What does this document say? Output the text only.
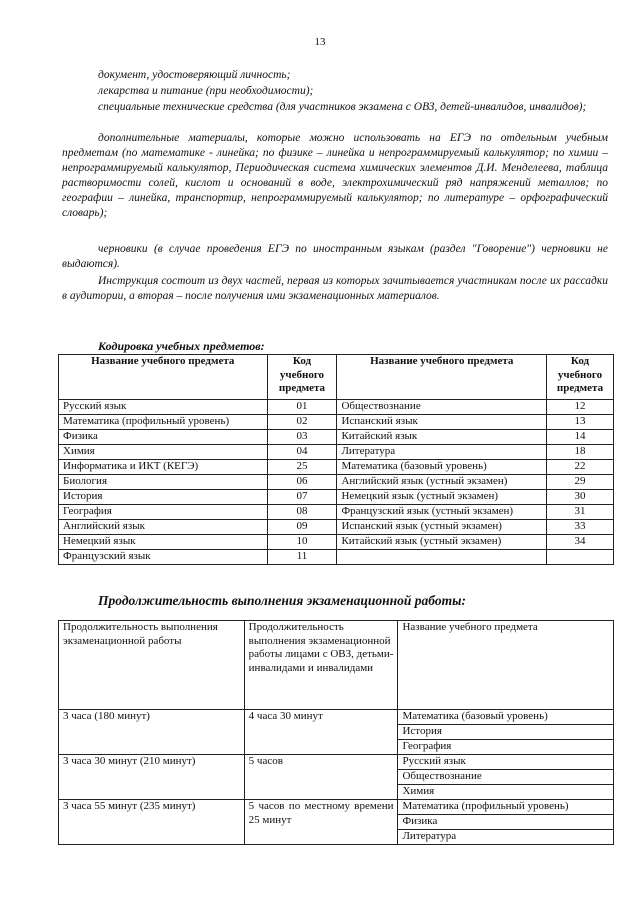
13
документ, удостоверяющий личность;
лекарства и питание (при необходимости);
специальные технические средства (для участников экзамена с ОВЗ, детей-инвалидов, инвалидов);
дополнительные материалы, которые можно использовать на ЕГЭ по отдельным учебным предметам (по математике - линейка; по физике – линейка и непрограммируемый калькулятор; по химии – непрограммируемый калькулятор, Периодическая система химических элементов Д.И. Менделеева, таблица растворимости солей, кислот и оснований в воде, электрохимический ряд напряжений металлов; по географии – линейка, транспортир, непрограммируемый калькулятор; по литературе – орфографический словарь);
черновики (в случае проведения ЕГЭ по иностранным языкам (раздел "Говорение") черновики не выдаются).
Инструкция состоит из двух частей, первая из которых зачитывается участникам после их рассадки в аудитории, а вторая – после получения ими экзаменационных материалов.
Кодировка учебных предметов:
Название учебного предмета	Код учебного предмета	Название учебного предмета	Код учебного предмета
Русский язык	01	Обществознание	12
Математика (профильный уровень)	02	Испанский язык	13
Физика	03	Китайский язык	14
Химия	04	Литература	18
Информатика и ИКТ (КЕГЭ)	25	Математика (базовый уровень)	22
Биология	06	Английский язык (устный экзамен)	29
История	07	Немецкий язык (устный экзамен)	30
География	08	Французский язык (устный экзамен)	31
Английский язык	09	Испанский язык (устный экзамен)	33
Немецкий язык	10	Китайский язык (устный экзамен)	34
Французский язык	11		
Продолжительность выполнения экзаменационной работы:
Продолжительность выполнения экзаменационной работы	Продолжительность выполнения экзаменационной работы лицами с ОВЗ, детьми-инвалидами и инвалидами	Название учебного предмета
3 часа (180 минут)	4 часа 30 минут	Математика (базовый уровень)
		История
		География
3 часа 30 минут (210 минут)	5 часов	Русский язык
		Обществознание
		Химия
3 часа 55 минут (235 минут)	5 часов по местному времени 25 минут	Математика (профильный уровень)
		Физика
		Литература
